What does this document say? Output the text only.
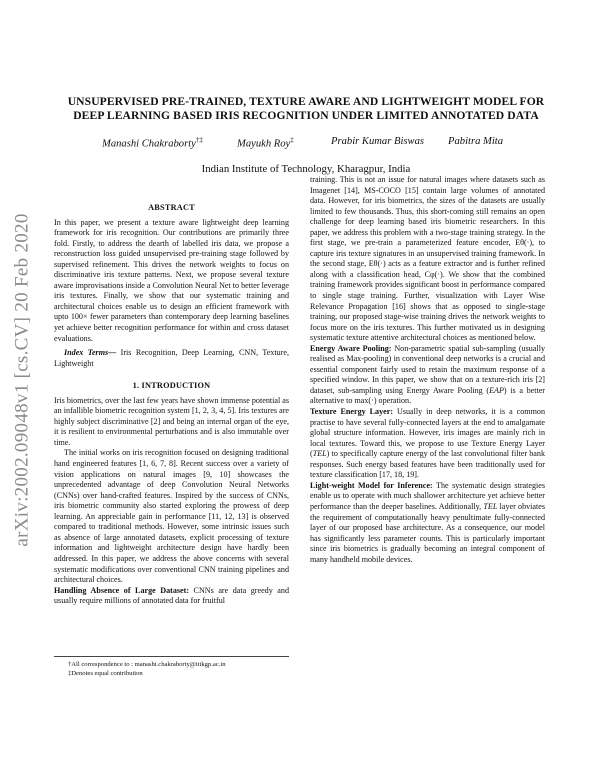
arXiv:2002.09048v1 [cs.CV] 20 Feb 2020
UNSUPERVISED PRE-TRAINED, TEXTURE AWARE AND LIGHTWEIGHT MODEL FOR DEEP LEARNING BASED IRIS RECOGNITION UNDER LIMITED ANNOTATED DATA
Manashi Chakraborty†‡	Mayukh Roy‡	Prabir Kumar Biswas Pabitra Mita
Indian Institute of Technology, Kharagpur, India
ABSTRACT

In this paper, we present a texture aware lightweight deep learning framework for iris recognition. Our contributions are primarily three fold. Firstly, to address the dearth of labelled iris data, we propose a reconstruction loss guided unsupervised pre-training stage followed by supervised refinement. This drives the network weights to focus on discriminative iris texture patterns. Next, we propose several texture aware improvisations inside a Convolution Neural Net to better leverage iris textures. Finally, we show that our systematic training and architectural choices enable us to design an efficient framework with upto 100× fewer parameters than contemporary deep learning baselines yet achieve better recognition performance for within and cross dataset evaluations.

Index Terms— Iris Recognition, Deep Learning, CNN, Texture, Lightweight

1. INTRODUCTION

Iris biometrics, over the last few years have shown immense potential as an infallible biometric recognition system [1, 2, 3, 4, 5]. Iris textures are highly subject discriminative [2] and being an internal organ of the eye, it is resilient to environmental perturbations and is also immutable over time.

The initial works on iris recognition focused on designing traditional hand engineered features [1, 6, 7, 8]. Recent success over a variety of vision applications on natural images [9, 10] showcases the unprecedented advantage of deep Convolution Neural Networks (CNNs) over hand-crafted features. Inspired by the success of CNNs, iris biometric community also started exploring the prowess of deep learning. An appreciable gain in performance [11, 12, 13] is observed compared to traditional methods. However, some intrinsic issues such as absence of large annotated datasets, explicit processing of texture information and lightweight architecture design have hardly been addressed. In this paper, we address the above concerns with several systematic modifications over conventional CNN training pipelines and architectural choices.

Handling Absence of Large Dataset: CNNs are data greedy and usually require millions of annotated data for fruitful

training. This is not an issue for natural images where datasets such as Imagenet [14], MS-COCO [15] contain large volumes of annotated data. However, for iris biometrics, the sizes of the datasets are usually limited to few thousands. Thus, this short-coming still remains an open challenge for deep learning based iris biometric researchers. In this paper, we address this problem with a two-stage training strategy. In the first stage, we pre-train a parameterized feature encoder, Eθ(·), to capture iris texture signatures in an unsupervised training framework. In the second stage, Eθ(·) acts as a feature extractor and is further refined along with a classification head, Cφ(·). We show that the combined training framework provides significant boost in performance compared to single stage training. Further, visualization with Layer Wise Relevance Propagation [16] shows that as opposed to single-stage training, our proposed stage-wise training drives the network weights to focus more on the iris textures. This further motivated us in designing systematic texture attentive architectural choices as mentioned below.

Energy Aware Pooling: Non-parametric spatial sub-sampling (usually realised as Max-pooling) in conventional deep networks is a crucial and essential component fairly used to retain the maximum response of a specified window. In this paper, we show that on a texture-rich iris [2] dataset, sub-sampling using Energy Aware Pooling (EAP) is a better alternative to max(·) operation.

Texture Energy Layer: Usually in deep networks, it is a common practise to have several fully-connected layers at the end to amalgamate global structure information. However, iris images are mainly rich in local textures. Toward this, we propose to use Texture Energy Layer (TEL) to specifically capture energy of the last convolutional filter bank responses. Such energy based features have been traditionally used for texture classification [17, 18, 19].

Light-weight Model for Inference: The systematic design strategies enable us to operate with much shallower architecture yet achieve better performance than the deeper baselines. Additionally, TEL layer obviates the requirement of computationally heavy penultimate fully-connected layer of our proposed base architecture. As a consequence, our model has significantly less parameter counts. This is particularly important since iris biometrics is gradually becoming an integral component of many handheld mobile devices.

†All correspondence to : manashi.chakraborty@iitkgp.ac.in
‡Denotes equal contribution
